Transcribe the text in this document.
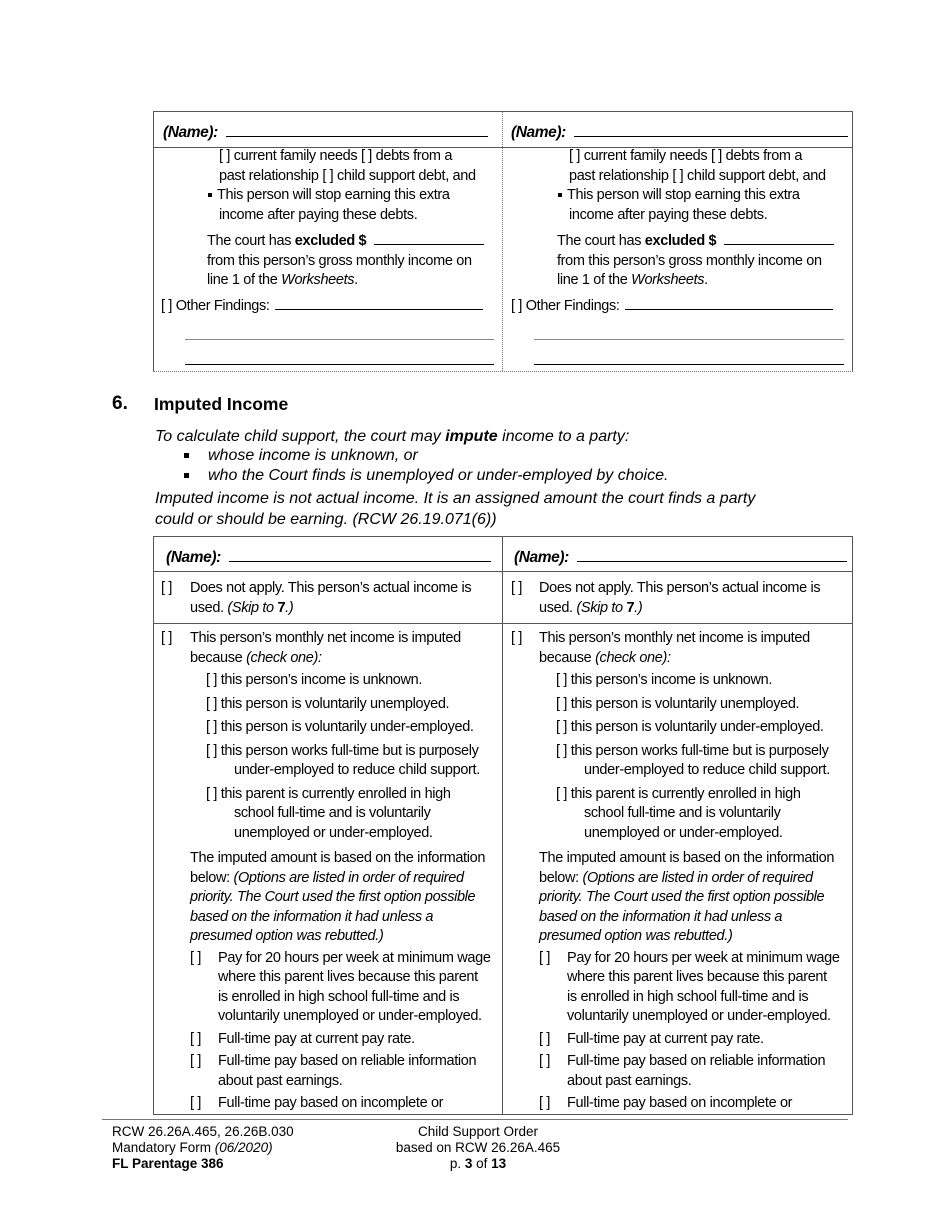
(Name):	(Name):
[ ] current family needs [ ] debts from a
past relationship [ ] child support debt, and
This person will stop earning this extra
income after paying these debts.
The court has excluded $
from this person’s gross monthly income on
line 1 of the Worksheets.
[ ] Other Findings:
[ ] current family needs [ ] debts from a
past relationship [ ] child support debt, and
This person will stop earning this extra
income after paying these debts.
The court has excluded $
from this person’s gross monthly income on
line 1 of the Worksheets.
[ ] Other Findings:
6. Imputed Income
To calculate child support, the court may impute income to a party:
whose income is unknown, or
who the Court finds is unemployed or under-employed by choice.
Imputed income is not actual income. It is an assigned amount the court finds a party
could or should be earning. (RCW 26.19.071(6))
(Name):	(Name):
[ ] Does not apply. This person’s actual income is
used. (Skip to 7.)
[ ] Does not apply. This person’s actual income is
used. (Skip to 7.)
[ ] This person’s monthly net income is imputed
because (check one):
[ ] this person’s income is unknown.
[ ] this person is voluntarily unemployed.
[ ] this person is voluntarily under-employed.
[ ] this person works full-time but is purposely
under-employed to reduce child support.
[ ] this parent is currently enrolled in high
school full-time and is voluntarily
unemployed or under-employed.
The imputed amount is based on the information
below: (Options are listed in order of required
priority. The Court used the first option possible
based on the information it had unless a
presumed option was rebutted.)
[ ] Pay for 20 hours per week at minimum wage
where this parent lives because this parent
is enrolled in high school full-time and is
voluntarily unemployed or under-employed.
[ ] Full-time pay at current pay rate.
[ ] Full-time pay based on reliable information
about past earnings.
[ ] Full-time pay based on incomplete or
[ ] This person’s monthly net income is imputed
because (check one):
[ ] this person’s income is unknown.
[ ] this person is voluntarily unemployed.
[ ] this person is voluntarily under-employed.
[ ] this person works full-time but is purposely
under-employed to reduce child support.
[ ] this parent is currently enrolled in high
school full-time and is voluntarily
unemployed or under-employed.
The imputed amount is based on the information
below: (Options are listed in order of required
priority. The Court used the first option possible
based on the information it had unless a
presumed option was rebutted.)
[ ] Pay for 20 hours per week at minimum wage
where this parent lives because this parent
is enrolled in high school full-time and is
voluntarily unemployed or under-employed.
[ ] Full-time pay at current pay rate.
[ ] Full-time pay based on reliable information
about past earnings.
[ ] Full-time pay based on incomplete or
RCW 26.26A.465, 26.26B.030
Mandatory Form (06/2020)
FL Parentage 386
Child Support Order
based on RCW 26.26A.465
p. 3 of 13
